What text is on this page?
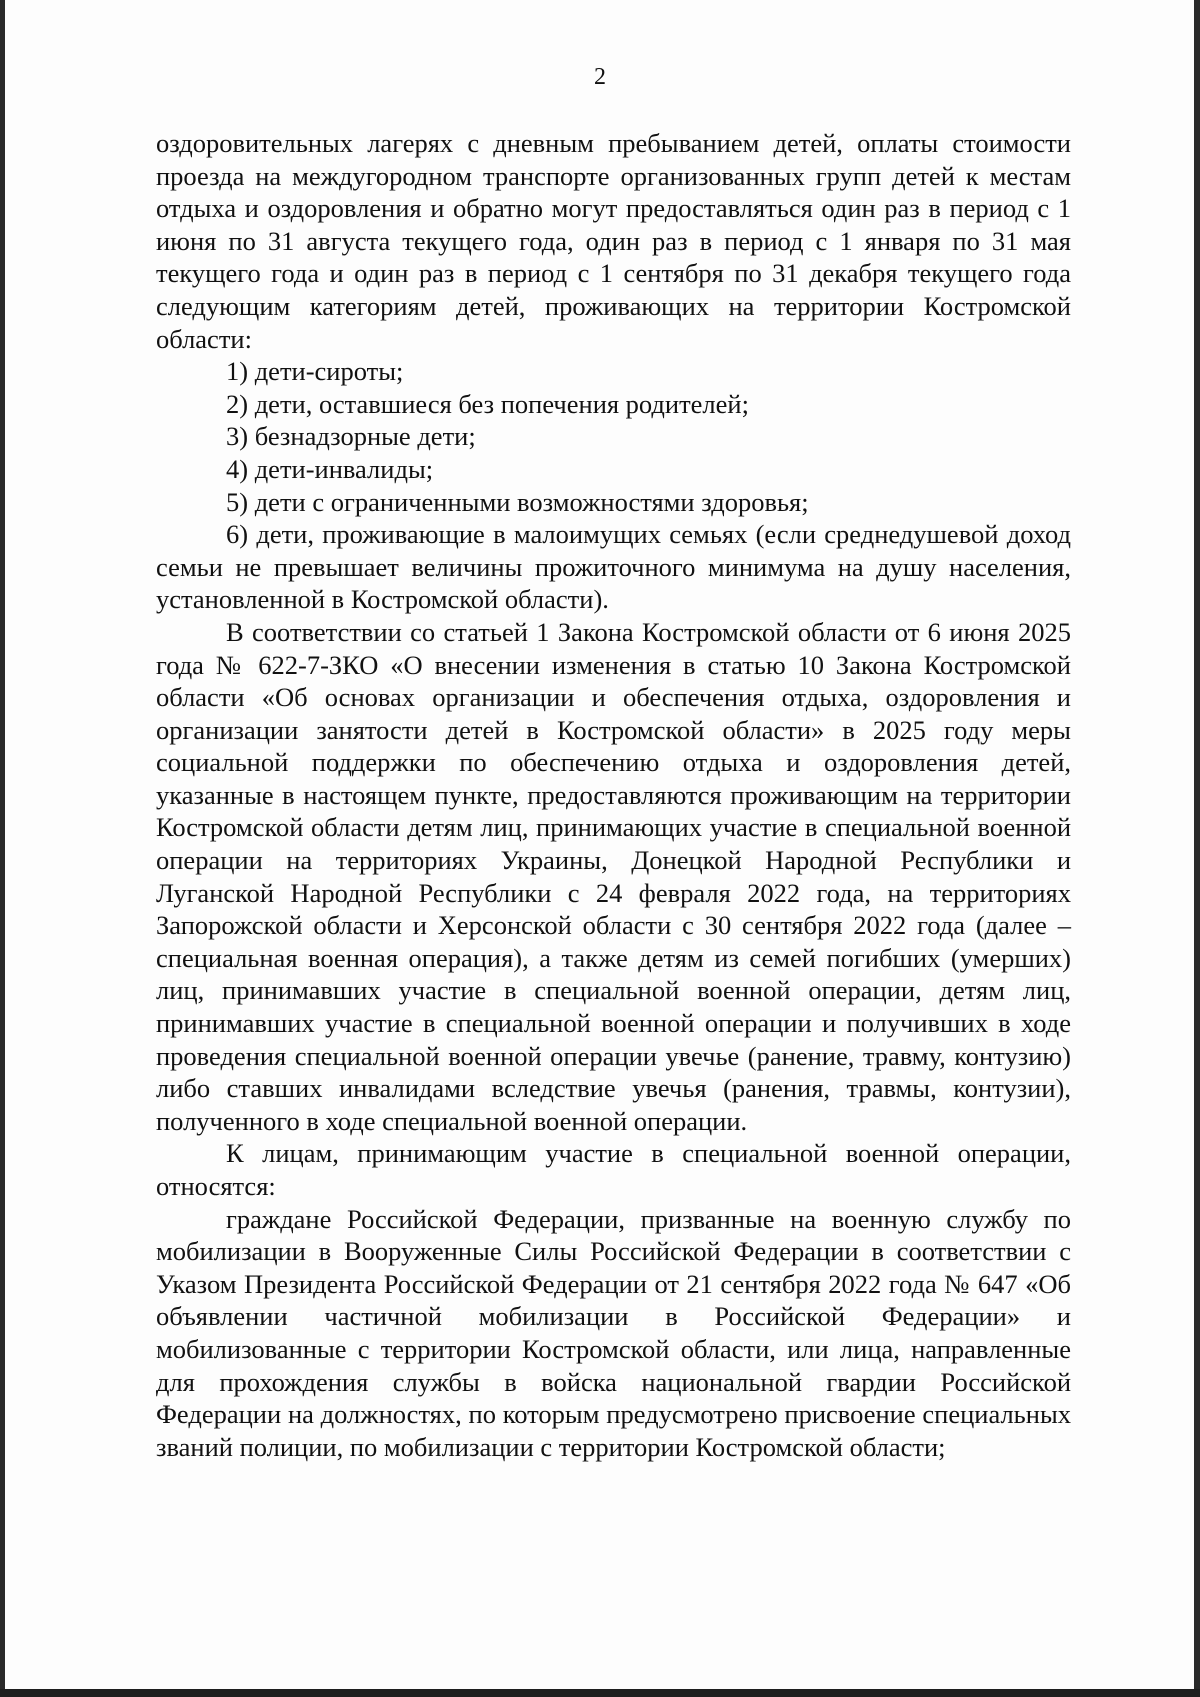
2

оздоровительных лагерях с дневным пребыванием детей, оплаты стоимости проезда на междугородном транспорте организованных групп детей к местам отдыха и оздоровления и обратно могут предоставляться один раз в период с 1 июня по 31 августа текущего года, один раз в период с 1 января по 31 мая текущего года и один раз в период с 1 сентября по 31 декабря текущего года следующим категориям детей, проживающих на территории Костромской области:

1) дети-сироты;

2) дети, оставшиеся без попечения родителей;

3) безнадзорные дети;

4) дети-инвалиды;

5) дети с ограниченными возможностями здоровья;

6) дети, проживающие в малоимущих семьях (если среднедушевой доход семьи не превышает величины прожиточного минимума на душу населения, установленной в Костромской области).

В соответствии со статьей 1 Закона Костромской области от 6 июня 2025 года № 622-7-ЗКО «О внесении изменения в статью 10 Закона Костромской области «Об основах организации и обеспечения отдыха, оздоровления и организации занятости детей в Костромской области» в 2025 году меры социальной поддержки по обеспечению отдыха и оздоровления детей, указанные в настоящем пункте, предоставляются проживающим на территории Костромской области детям лиц, принимающих участие в специальной военной операции на территориях Украины, Донецкой Народной Республики и Луганской Народной Республики с 24 февраля 2022 года, на территориях Запорожской области и Херсонской области с 30 сентября 2022 года (далее – специальная военная операция), а также детям из семей погибших (умерших) лиц, принимавших участие в специальной военной операции, детям лиц, принимавших участие в специальной военной операции и получивших в ходе проведения специальной военной операции увечье (ранение, травму, контузию) либо ставших инвалидами вследствие увечья (ранения, травмы, контузии), полученного в ходе специальной военной операции.

К лицам, принимающим участие в специальной военной операции, относятся:

граждане Российской Федерации, призванные на военную службу по мобилизации в Вооруженные Силы Российской Федерации в соответствии с Указом Президента Российской Федерации от 21 сентября 2022 года № 647 «Об объявлении частичной мобилизации в Российской Федерации» и мобилизованные с территории Костромской области, или лица, направленные для прохождения службы в войска национальной гвардии Российской Федерации на должностях, по которым предусмотрено присвоение специальных званий полиции, по мобилизации с территории Костромской области;
